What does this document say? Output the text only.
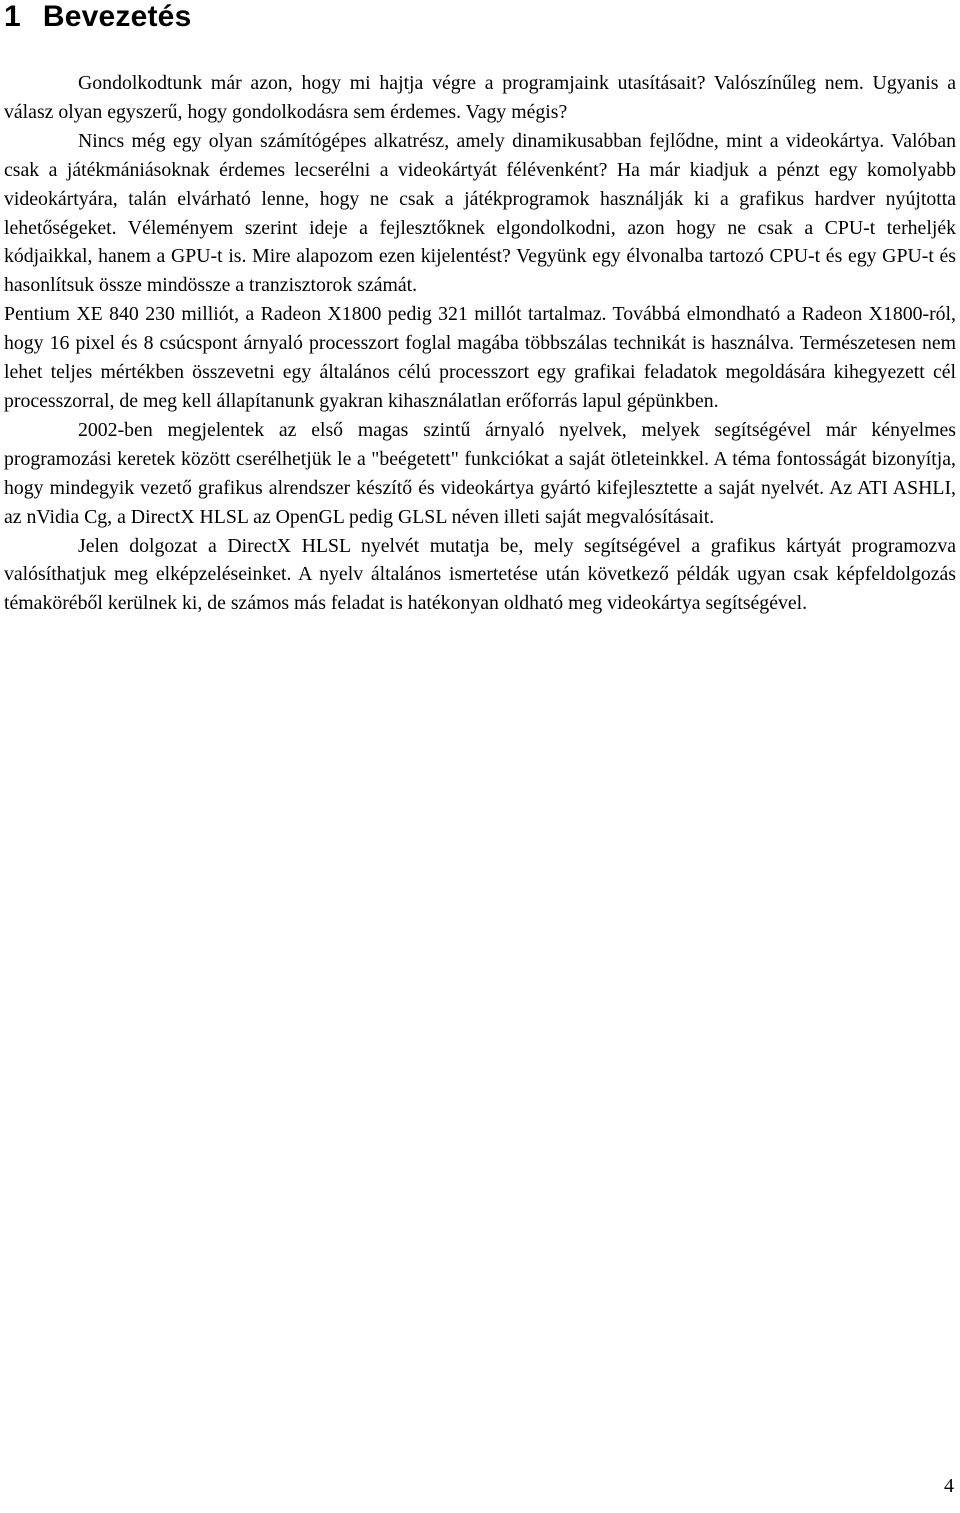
1 Bevezetés

Gondolkodtunk már azon, hogy mi hajtja végre a programjaink utasításait? Valószínűleg nem. Ugyanis a válasz olyan egyszerű, hogy gondolkodásra sem érdemes. Vagy mégis?

Nincs még egy olyan számítógépes alkatrész, amely dinamikusabban fejlődne, mint a videokártya. Valóban csak a játékmániásoknak érdemes lecserélni a videokártyát félévenként? Ha már kiadjuk a pénzt egy komolyabb videokártyára, talán elvárható lenne, hogy ne csak a játékprogramok használják ki a grafikus hardver nyújtotta lehetőségeket. Véleményem szerint ideje a fejlesztőknek elgondolkodni, azon hogy ne csak a CPU-t terheljék kódjaikkal, hanem a GPU-t is. Mire alapozom ezen kijelentést? Vegyünk egy élvonalba tartozó CPU-t és egy GPU-t és hasonlítsuk össze mindössze a tranzisztorok számát.
Pentium XE 840 230 milliót, a Radeon X1800 pedig 321 millót tartalmaz. Továbbá elmondható a Radeon X1800-ról, hogy 16 pixel és 8 csúcspont árnyaló processzort foglal magába többszálas technikát is használva. Természetesen nem lehet teljes mértékben összevetni egy általános célú processzort egy grafikai feladatok megoldására kihegyezett cél processzorral, de meg kell állapítanunk gyakran kihasználatlan erőforrás lapul gépünkben.

2002-ben megjelentek az első magas szintű árnyaló nyelvek, melyek segítségével már kényelmes programozási keretek között cserélhetjük le a "beégetett" funkciókat a saját ötleteinkkel. A téma fontosságát bizonyítja, hogy mindegyik vezető grafikus alrendszer készítő és videokártya gyártó kifejlesztette a saját nyelvét. Az ATI ASHLI, az nVidia Cg, a DirectX HLSL az OpenGL pedig GLSL néven illeti saját megvalósításait.

Jelen dolgozat a DirectX HLSL nyelvét mutatja be, mely segítségével a grafikus kártyát programozva valósíthatjuk meg elképzeléseinket. A nyelv általános ismertetése után következő példák ugyan csak képfeldolgozás témaköréből kerülnek ki, de számos más feladat is hatékonyan oldható meg videokártya segítségével.

4
